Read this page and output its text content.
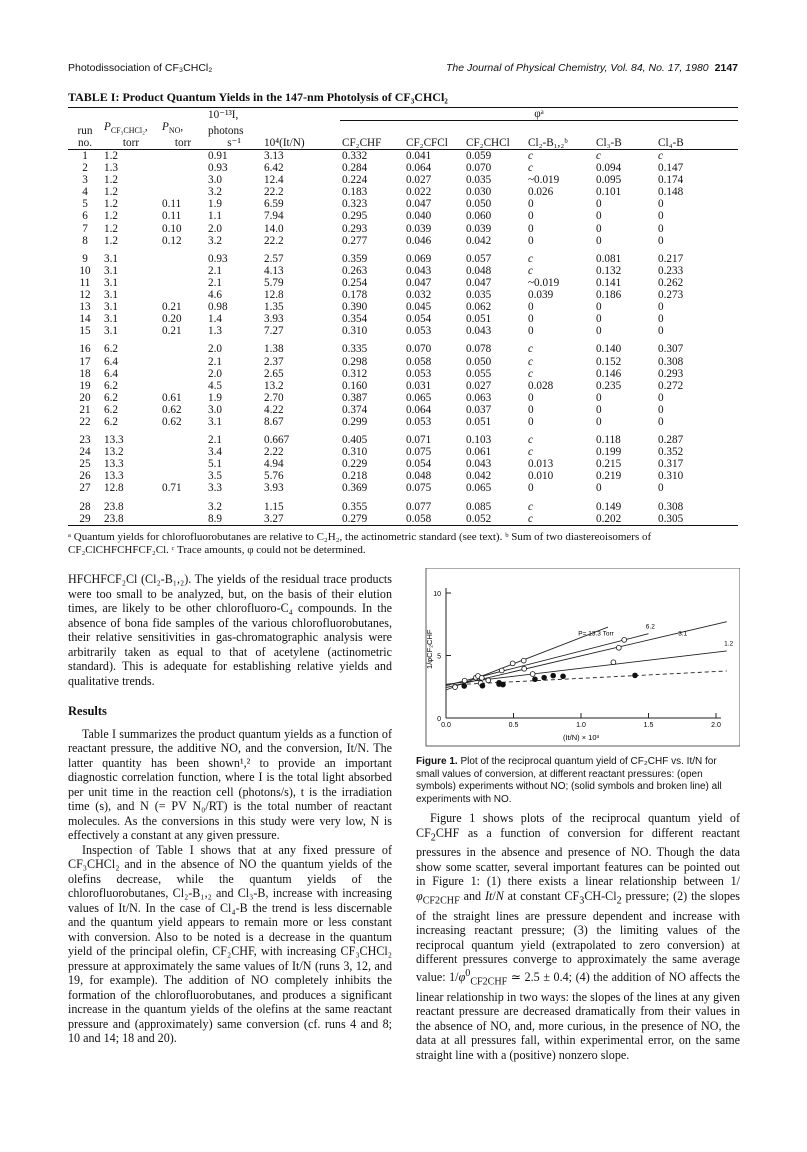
Photodissociation of CF₃CHCl₂	The Journal of Physical Chemistry, Vol. 84, No. 17, 1980 2147
TABLE I: Product Quantum Yields in the 147-nm Photolysis of CF₃CHCl₂
			10⁻¹³I,		φᵃ					
run	$P_{CF_3CHCl_2}$,	$P_{NO}$,	photons							
no.	torr	torr	s⁻¹	10⁴(It/N)	CF₂CHF	CF₂CFCl	CF₂CHCl	Cl₂-B₁,₂ᵇ	Cl₃-B	Cl₄-B
1	1.2		0.91	3.13	0.332	0.041	0.059	c	c	c
2	1.3		0.93	6.42	0.284	0.064	0.070	c	0.094	0.147
3	1.2		3.0	12.4	0.224	0.027	0.035	~0.019	0.095	0.174
4	1.2		3.2	22.2	0.183	0.022	0.030	0.026	0.101	0.148
5	1.2	0.11	1.9	6.59	0.323	0.047	0.050	0	0	0
6	1.2	0.11	1.1	7.94	0.295	0.040	0.060	0	0	0
7	1.2	0.10	2.0	14.0	0.293	0.039	0.039	0	0	0
8	1.2	0.12	3.2	22.2	0.277	0.046	0.042	0	0	0
9	3.1		0.93	2.57	0.359	0.069	0.057	c	0.081	0.217
10	3.1		2.1	4.13	0.263	0.043	0.048	c	0.132	0.233
11	3.1		2.1	5.79	0.254	0.047	0.047	~0.019	0.141	0.262
12	3.1		4.6	12.8	0.178	0.032	0.035	0.039	0.186	0.273
13	3.1	0.21	0.98	1.35	0.390	0.045	0.062	0	0	0
14	3.1	0.20	1.4	3.93	0.354	0.054	0.051	0	0	0
15	3.1	0.21	1.3	7.27	0.310	0.053	0.043	0	0	0
16	6.2		2.0	1.38	0.335	0.070	0.078	c	0.140	0.307
17	6.4		2.1	2.37	0.298	0.058	0.050	c	0.152	0.308
18	6.4		2.0	2.65	0.312	0.053	0.055	c	0.146	0.293
19	6.2		4.5	13.2	0.160	0.031	0.027	0.028	0.235	0.272
20	6.2	0.61	1.9	2.70	0.387	0.065	0.063	0	0	0
21	6.2	0.62	3.0	4.22	0.374	0.064	0.037	0	0	0
22	6.2	0.62	3.1	8.67	0.299	0.053	0.051	0	0	0
23	13.3		2.1	0.667	0.405	0.071	0.103	c	0.118	0.287
24	13.2		3.4	2.22	0.310	0.075	0.061	c	0.199	0.352
25	13.3		5.1	4.94	0.229	0.054	0.043	0.013	0.215	0.317
26	13.3		3.5	5.76	0.218	0.048	0.042	0.010	0.219	0.310
27	12.8	0.71	3.3	3.93	0.369	0.075	0.065	0	0	0
28	23.8		3.2	1.15	0.355	0.077	0.085	c	0.149	0.308
29	23.8		8.9	3.27	0.279	0.058	0.052	c	0.202	0.305
ᵃ Quantum yields for chlorofluorobutanes are relative to C₂H₂, the actinometric standard (see text). ᵇ Sum of two diastereoisomers of CF₂ClCHFCHFCF₂Cl. ᶜ Trace amounts, φ could not be determined.

HFCHFCF₂Cl (Cl₂-B₁,₂). The yields of the residual trace products were too small to be analyzed, but, on the basis of their elution times, are likely to be other chlorofluoro-C₄ compounds. In the absence of bona fide samples of the various chlorofluorobutanes, their relative sensitivities in gas-chromatographic analysis were arbitrarily taken as equal to that of acetylene (actinometric standard). This is adequate for establishing relative yields and qualitative trends.

Results

Table I summarizes the product quantum yields as a function of reactant pressure, the additive NO, and the conversion, It/N. The latter quantity has been shown¹,² to provide an important diagnostic correlation function, where I is the total light absorbed per unit time in the reaction cell (photons/s), t is the irradiation time (s), and N (= PV N₀/RT) is the total number of reactant molecules. As the conversions in this study were very low, N is effectively a constant at any given pressure.

Inspection of Table I shows that at any fixed pressure of CF₃CHCl₂ and in the absence of NO the quantum yields of the olefins decrease, while the quantum yields of the chlorofluorobutanes, Cl₂-B₁,₂ and Cl₃-B, increase with increasing values of It/N. In the case of Cl₄-B the trend is less discernable and the quantum yield appears to remain more or less constant with conversion. Also to be noted is a decrease in the quantum yield of the principal olefin, CF₂CHF, with increasing CF₃CHCl₂ pressure at approximately the same values of It/N (runs 3, 12, and 19, for example). The addition of NO completely inhibits the formation of the chlorofluorobutanes, and produces a significant increase in the quantum yields of the olefins at the same reactant pressure and (approximately) same conversion (cf. runs 4 and 8; 10 and 14; 18 and 20).

0
5
10
0.0	0.5	1.0	1.5	2.0
(It/N) × 10³
1/φCF₂CHF	P= 13.3 Torr
6.2
3.1
1.2
Figure 1. Plot of the reciprocal quantum yield of CF₂CHF vs. It/N for small values of conversion, at different reactant pressures: (open symbols) experiments without NO; (solid symbols and broken line) all experiments with NO.

Figure 1 shows plots of the reciprocal quantum yield of $CF_2CHF$ as a function of conversion for different reactant pressures in the absence and presence of NO. Though the data show some scatter, several important features can be pointed out in Figure 1: (1) there exists a linear relationship between $1/\varphi_{CF2CHF}$ and It/N at constant $CF_3CH-Cl_2$ pressure; (2) the slopes of the straight lines are pressure dependent and increase with increasing reactant pressure; (3) the limiting values of the reciprocal quantum yield (extrapolated to zero conversion) at different pressures converge to approximately the same average value: $1/\varphi^0_{CF2CHF}$ ≃ 2.5 ± 0.4; (4) the addition of NO affects the linear relationship in two ways: the slopes of the lines at any given reactant pressure are decreased dramatically from their values in the absence of NO, and, more curious, in the presence of NO, the data at all pressures fall, within experimental error, on the same straight line with a (positive) nonzero slope.
